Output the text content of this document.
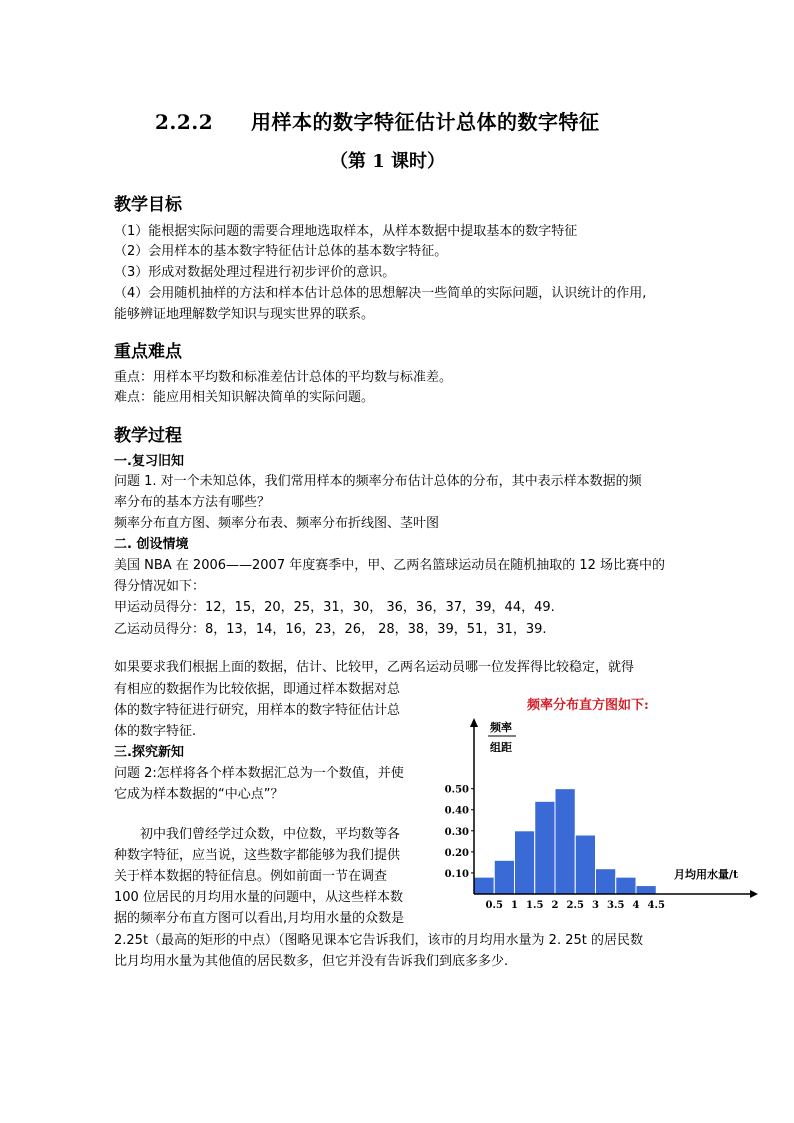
2.2.2 用样本的数字特征估计总体的数字特征
（第 1 课时）
教学目标
（1）能根据实际问题的需要合理地选取样本，从样本数据中提取基本的数字特征
（2）会用样本的基本数字特征估计总体的基本数字特征。
（3）形成对数据处理过程进行初步评价的意识。
（4）会用随机抽样的方法和样本估计总体的思想解决一些简单的实际问题，认识统计的作用,
能够辨证地理解数学知识与现实世界的联系。
重点难点
重点：用样本平均数和标准差估计总体的平均数与标准差。
难点：能应用相关知识解决简单的实际问题。
教学过程
一.复习旧知
问题 1. 对一个未知总体，我们常用样本的频率分布估计总体的分布，其中表示样本数据的频
率分布的基本方法有哪些？
频率分布直方图、频率分布表、频率分布折线图、茎叶图
二. 创设情境
美国 NBA 在 2006——2007 年度赛季中，甲、乙两名篮球运动员在随机抽取的 12 场比赛中的
得分情况如下：
甲运动员得分：12，15，20，25，31，30， 36，36，37，39，44，49.
乙运动员得分：8，13，14，16，23，26， 28，38，39，51，31，39.
如果要求我们根据上面的数据，估计、比较甲，乙两名运动员哪一位发挥得比较稳定，就得
有相应的数据作为比较依据，即通过样本数据对总
体的数字特征进行研究，用样本的数字特征估计总
体的数字特征.
三.探究新知
问题 2:怎样将各个样本数据汇总为一个数值，并使
它成为样本数据的“中心点”？
初中我们曾经学过众数，中位数，平均数等各
种数字特征，应当说，这些数字都能够为我们提供
关于样本数据的特征信息。例如前面一节在调查
100 位居民的月均用水量的问题中，从这些样本数
据的频率分布直方图可以看出,月均用水量的众数是
2.25t（最高的矩形的中点）（图略见课本它告诉我们，该市的月均用水量为 2. 25t 的居民数
比月均用水量为其他值的居民数多，但它并没有告诉我们到底多多少.
频率分布直方图如下:
0.10
0.20
0.30
0.40
0.50
0.5 1 1.5 2 2.5 3 3.5 4 4.5
频率
组距
月均用水量/t
